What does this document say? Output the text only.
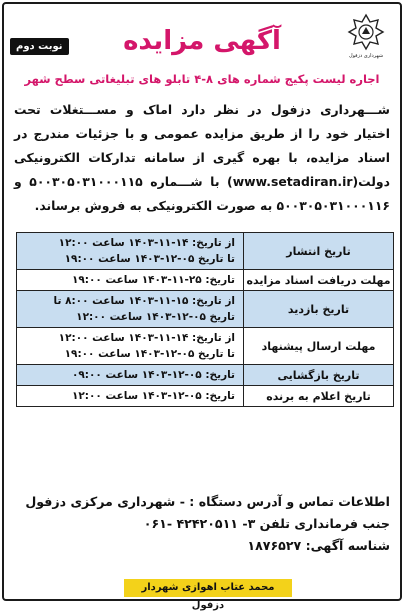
شهرداری دزفول
نوبت دوم	آگهی مزایده
اجاره لیست پکیج شماره های ۸-۴ تابلو های تبلیغاتی سطح شهر
شـــهرداری دزفول در نظر دارد اماک و مســـتغلات تحت اختیار خود را از طریق مزایده عمومی و با جزئیات مندرج در اسناد مزایده، با بهره گیری از سامانه تدارکات الکترونیکی دولت(www.setadiran.ir) با شـــماره ۵۰۰۳۰۵۰۳۱۰۰۰۱۱۵ و ۵۰۰۳۰۵۰۳۱۰۰۰۱۱۶ به صورت الکترونیکی به فروش برساند.
تاریخ انتشار
از تاریخ: ۱۴-۱۱-۱۴۰۳ ساعت ۱۲:۰۰
تا تاریخ ۰۵-۱۲-۱۴۰۳ ساعت ۱۹:۰۰
مهلت دریافت اسناد مزایده
تاریخ: ۲۵-۱۱-۱۴۰۳ ساعت ۱۹:۰۰
تاریخ بازدید
از تاریخ: ۱۵-۱۱-۱۴۰۳ ساعت ۸:۰۰ تا
تاریخ ۰۵-۱۲-۱۴۰۳ ساعت ۱۲:۰۰
مهلت ارسال پیشنهاد
از تاریخ: ۱۴-۱۱-۱۴۰۳ ساعت ۱۲:۰۰
تا تاریخ ۰۵-۱۲-۱۴۰۳ ساعت ۱۹:۰۰
تاریخ بازگشایی
تاریخ: ۰۵-۱۲-۱۴۰۳ ساعت ۰۹:۰۰
تاریخ اعلام به برنده
تاریخ: ۰۵-۱۲-۱۴۰۳ ساعت ۱۲:۰۰
اطلاعات تماس و آدرس دستگاه : - شهرداری مرکزی دزفول
جنب فرمانداری تلفن ۳- ۴۲۴۲۰۵۱۱ -۰۶۱
شناسه آگهی: ۱۸۷۶۵۲۷
محمد عتاب اهوازی شهردار دزفول
